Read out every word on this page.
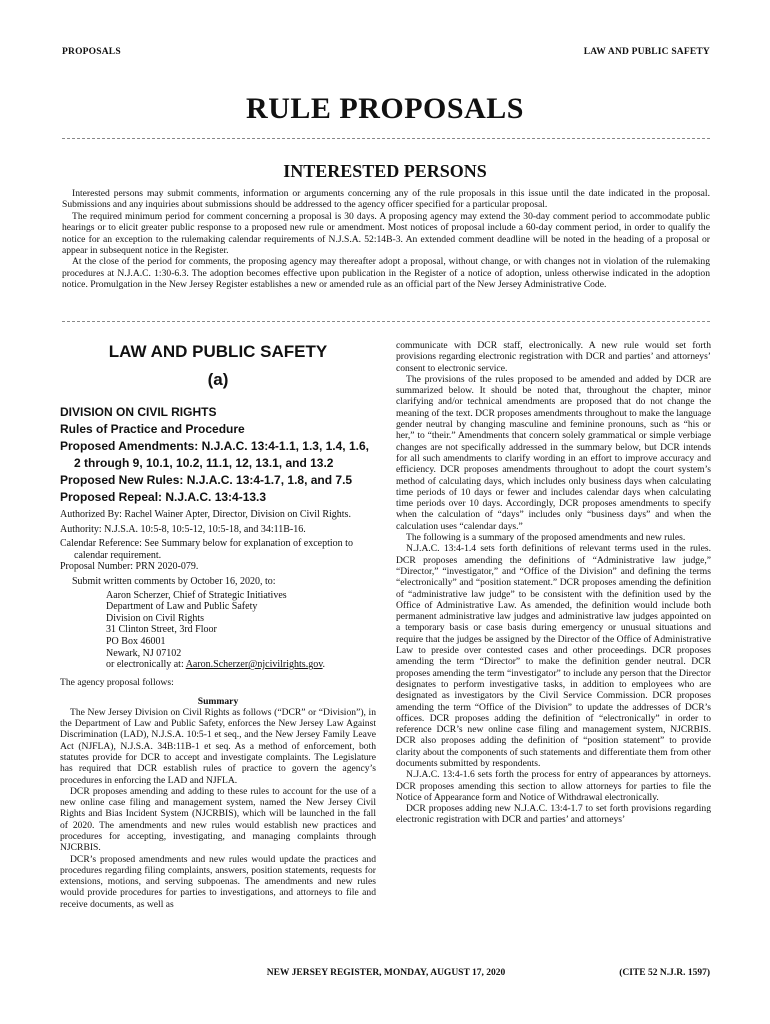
PROPOSALS	LAW AND PUBLIC SAFETY
RULE PROPOSALS
INTERESTED PERSONS

Interested persons may submit comments, information or arguments concerning any of the rule proposals in this issue until the date indicated in the proposal. Submissions and any inquiries about submissions should be addressed to the agency officer specified for a particular proposal.

The required minimum period for comment concerning a proposal is 30 days. A proposing agency may extend the 30-day comment period to accommodate public hearings or to elicit greater public response to a proposed new rule or amendment. Most notices of proposal include a 60-day comment period, in order to qualify the notice for an exception to the rulemaking calendar requirements of N.J.S.A. 52:14B-3. An extended comment deadline will be noted in the heading of a proposal or appear in subsequent notice in the Register.

At the close of the period for comments, the proposing agency may thereafter adopt a proposal, without change, or with changes not in violation of the rulemaking procedures at N.J.A.C. 1:30-6.3. The adoption becomes effective upon publication in the Register of a notice of adoption, unless otherwise indicated in the adoption notice. Promulgation in the New Jersey Register establishes a new or amended rule as an official part of the New Jersey Administrative Code.

LAW AND PUBLIC SAFETY
(a)
DIVISION ON CIVIL RIGHTS
Rules of Practice and Procedure
Proposed Amendments: N.J.A.C. 13:4-1.1, 1.3, 1.4, 1.6, 2 through 9, 10.1, 10.2, 11.1, 12, 13.1, and 13.2
Proposed New Rules: N.J.A.C. 13:4-1.7, 1.8, and 7.5
Proposed Repeal: N.J.A.C. 13:4-13.3

Authorized By: Rachel Wainer Apter, Director, Division on Civil Rights.

Authority: N.J.S.A. 10:5-8, 10:5-12, 10:5-18, and 34:11B-16.

Calendar Reference: See Summary below for explanation of exception to calendar requirement.

Proposal Number: PRN 2020-079.

Submit written comments by October 16, 2020, to:

Aaron Scherzer, Chief of Strategic Initiatives
Department of Law and Public Safety
Division on Civil Rights
31 Clinton Street, 3rd Floor
PO Box 46001
Newark, NJ 07102
or electronically at: Aaron.Scherzer@njcivilrights.gov.
The agency proposal follows:
Summary

The New Jersey Division on Civil Rights as follows (“DCR” or “Division”), in the Department of Law and Public Safety, enforces the New Jersey Law Against Discrimination (LAD), N.J.S.A. 10:5-1 et seq., and the New Jersey Family Leave Act (NJFLA), N.J.S.A. 34B:11B-1 et seq. As a method of enforcement, both statutes provide for DCR to accept and investigate complaints. The Legislature has required that DCR establish rules of practice to govern the agency’s procedures in enforcing the LAD and NJFLA.

DCR proposes amending and adding to these rules to account for the use of a new online case filing and management system, named the New Jersey Civil Rights and Bias Incident System (NJCRBIS), which will be launched in the fall of 2020. The amendments and new rules would establish new practices and procedures for accepting, investigating, and managing complaints through NJCRBIS.

DCR’s proposed amendments and new rules would update the practices and procedures regarding filing complaints, answers, position statements, requests for extensions, motions, and serving subpoenas. The amendments and new rules would provide procedures for parties to investigations, and attorneys to file and receive documents, as well as

communicate with DCR staff, electronically. A new rule would set forth provisions regarding electronic registration with DCR and parties’ and attorneys’ consent to electronic service.

The provisions of the rules proposed to be amended and added by DCR are summarized below. It should be noted that, throughout the chapter, minor clarifying and/or technical amendments are proposed that do not change the meaning of the text. DCR proposes amendments throughout to make the language gender neutral by changing masculine and feminine pronouns, such as “his or her,” to “their.” Amendments that concern solely grammatical or simple verbiage changes are not specifically addressed in the summary below, but DCR intends for all such amendments to clarify wording in an effort to improve accuracy and efficiency. DCR proposes amendments throughout to adopt the court system’s method of calculating days, which includes only business days when calculating time periods of 10 days or fewer and includes calendar days when calculating time periods over 10 days. Accordingly, DCR proposes amendments to specify when the calculation of “days” includes only “business days” and when the calculation uses “calendar days.”

The following is a summary of the proposed amendments and new rules.

N.J.A.C. 13:4-1.4 sets forth definitions of relevant terms used in the rules. DCR proposes amending the definitions of “Administrative law judge,” “Director,” “investigator,” and “Office of the Division” and defining the terms “electronically” and “position statement.” DCR proposes amending the definition of “administrative law judge” to be consistent with the definition used by the Office of Administrative Law. As amended, the definition would include both permanent administrative law judges and administrative law judges appointed on a temporary basis or case basis during emergency or unusual situations and require that the judges be assigned by the Director of the Office of Administrative Law to preside over contested cases and other proceedings. DCR proposes amending the term “Director” to make the definition gender neutral. DCR proposes amending the term “investigator” to include any person that the Director designates to perform investigative tasks, in addition to employees who are designated as investigators by the Civil Service Commission. DCR proposes amending the term “Office of the Division” to update the addresses of DCR’s offices. DCR proposes adding the definition of “electronically” in order to reference DCR’s new online case filing and management system, NJCRBIS. DCR also proposes adding the definition of “position statement” to provide clarity about the components of such statements and differentiate them from other documents submitted by respondents.

N.J.A.C. 13:4-1.6 sets forth the process for entry of appearances by attorneys. DCR proposes amending this section to allow attorneys for parties to file the Notice of Appearance form and Notice of Withdrawal electronically.

DCR proposes adding new N.J.A.C. 13:4-1.7 to set forth provisions regarding electronic registration with DCR and parties’ and attorneys’

NEW JERSEY REGISTER, MONDAY, AUGUST 17, 2020	(CITE 52 N.J.R. 1597)
